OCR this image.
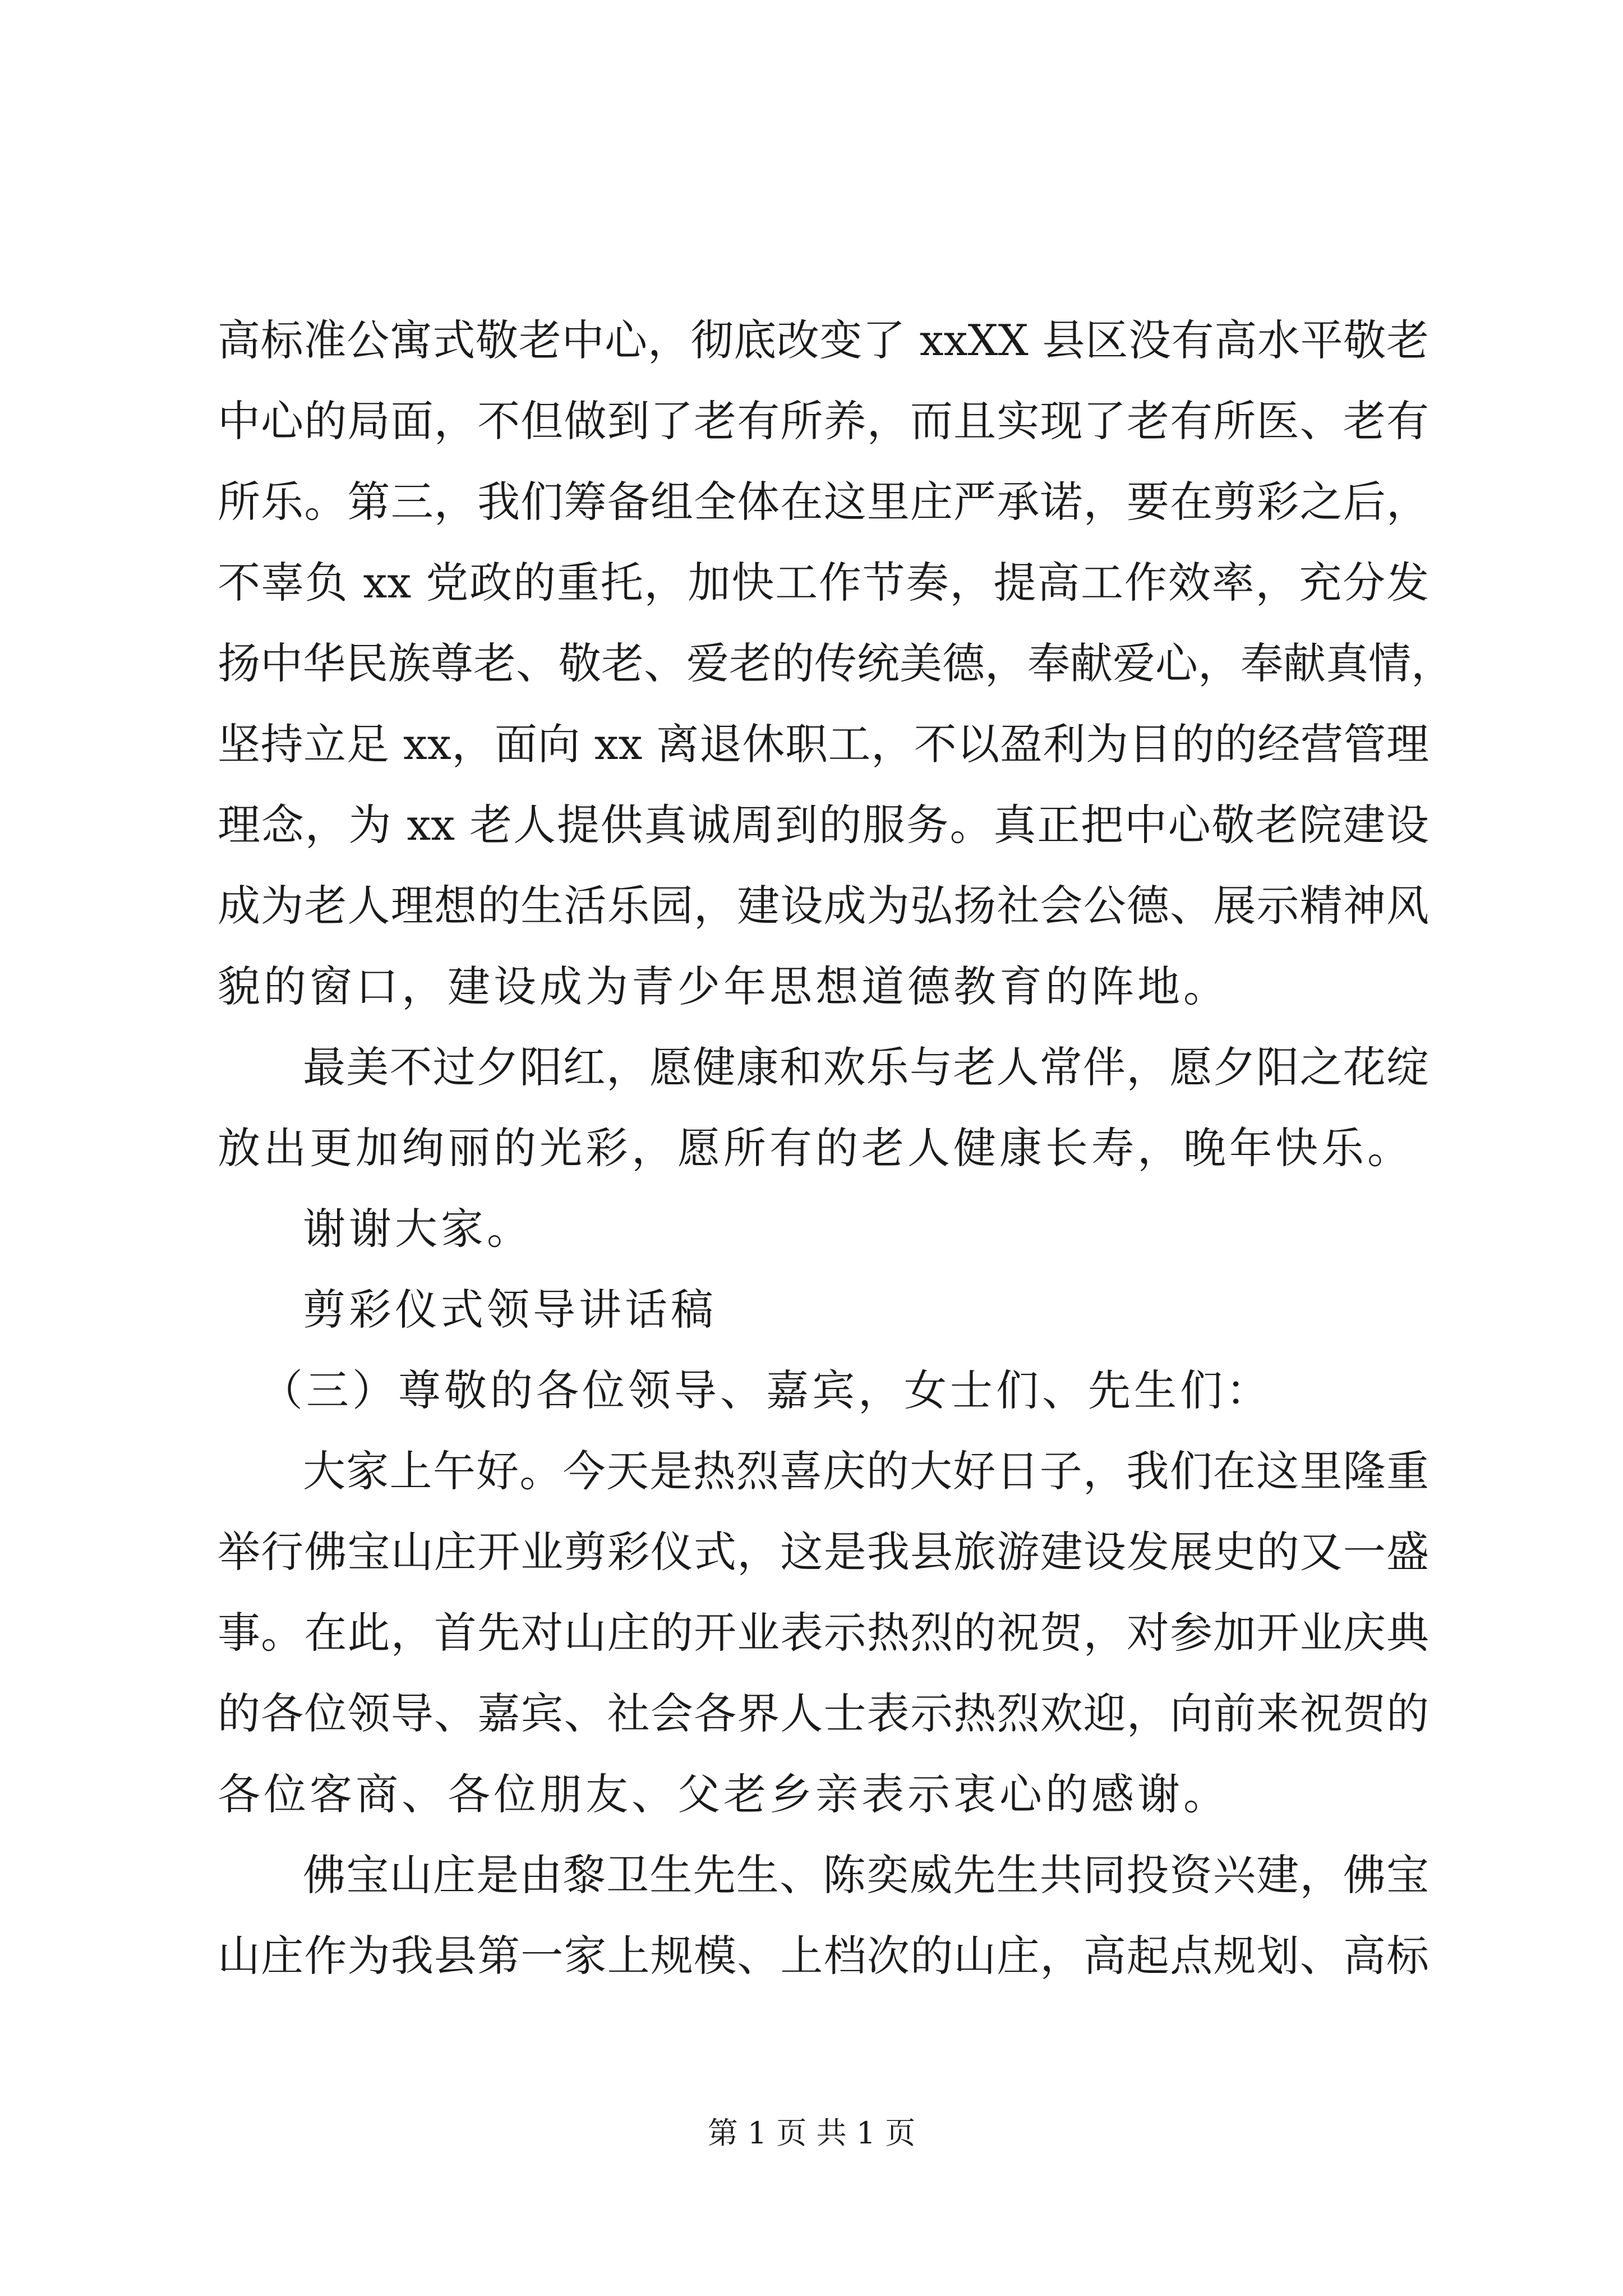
高标准公寓式敬老中心，彻底改变了 xxXX 县区没有高水平敬老
中心的局面，不但做到了老有所养，而且实现了老有所医、老有
所乐。第三，我们筹备组全体在这里庄严承诺，要在剪彩之后，
不辜负 xx 党政的重托，加快工作节奏，提高工作效率，充分发
扬中华民族尊老、敬老、爱老的传统美德，奉献爱心，奉献真情，
坚持立足 xx，面向 xx 离退休职工，不以盈利为目的的经营管理
理念，为 xx 老人提供真诚周到的服务。真正把中心敬老院建设
成为老人理想的生活乐园，建设成为弘扬社会公德、展示精神风
貌的窗口，建设成为青少年思想道德教育的阵地。
最美不过夕阳红，愿健康和欢乐与老人常伴，愿夕阳之花绽
放出更加绚丽的光彩，愿所有的老人健康长寿，晚年快乐。
谢谢大家。
剪彩仪式领导讲话稿
（三）尊敬的各位领导、嘉宾，女士们、先生们：
大家上午好。今天是热烈喜庆的大好日子，我们在这里隆重
举行佛宝山庄开业剪彩仪式，这是我县旅游建设发展史的又一盛
事。在此，首先对山庄的开业表示热烈的祝贺，对参加开业庆典
的各位领导、嘉宾、社会各界人士表示热烈欢迎，向前来祝贺的
各位客商、各位朋友、父老乡亲表示衷心的感谢。
佛宝山庄是由黎卫生先生、陈奕威先生共同投资兴建，佛宝
山庄作为我县第一家上规模、上档次的山庄，高起点规划、高标
第 1 页 共 1 页
